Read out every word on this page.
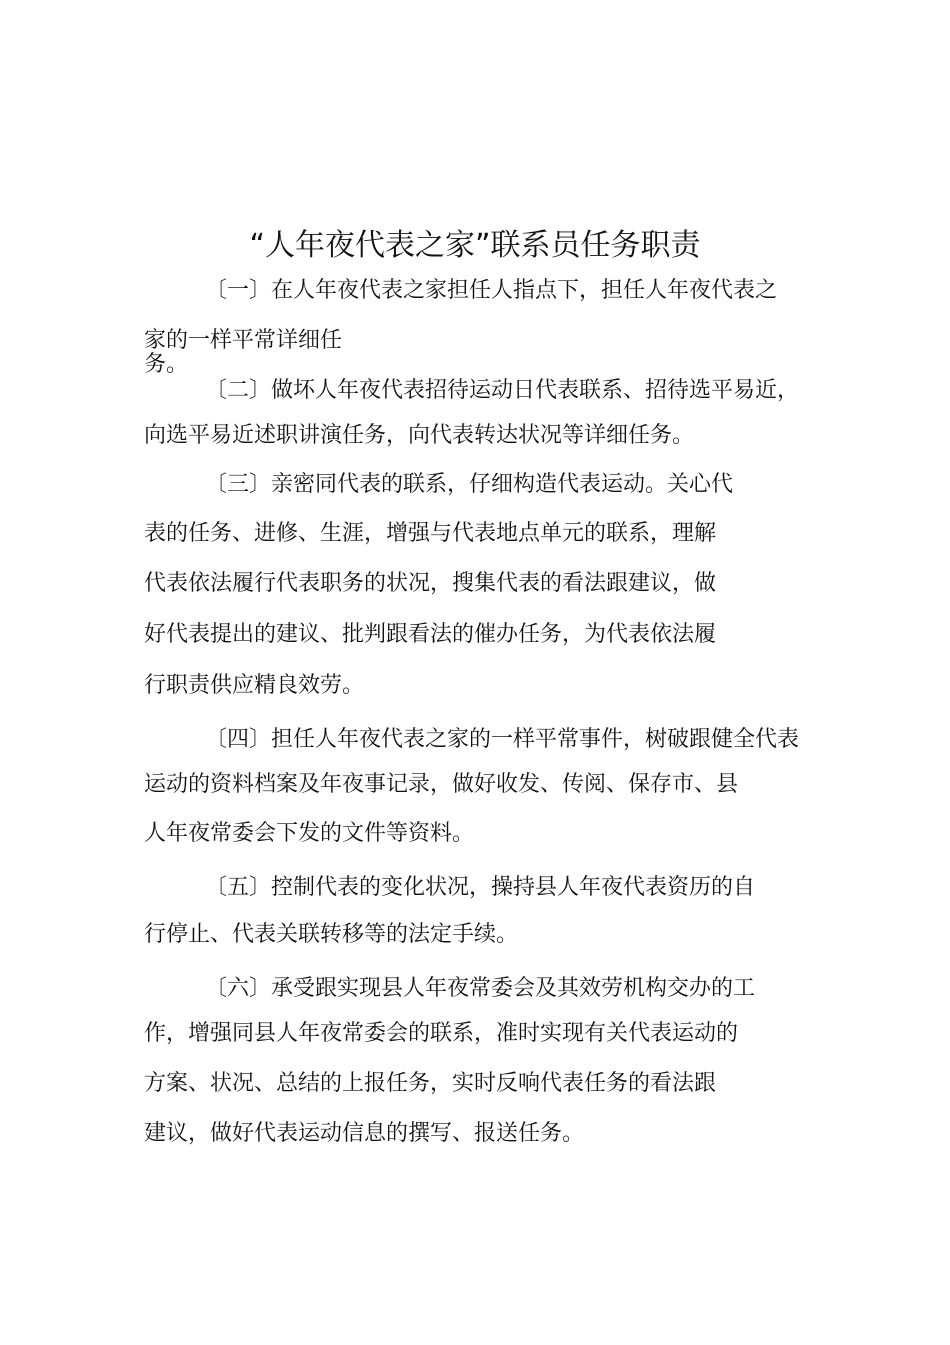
“人年夜代表之家”联系员任务职责
〔一〕在人年夜代表之家担任人指点下，担任人年夜代表之
家的一样平常详细任
务。
〔二〕做坏人年夜代表招待运动日代表联系、招待选平易近，
向选平易近述职讲演任务，向代表转达状况等详细任务。
〔三〕亲密同代表的联系，仔细构造代表运动。关心代
表的任务、进修、生涯，增强与代表地点单元的联系，理解
代表依法履行代表职务的状况，搜集代表的看法跟建议，做
好代表提出的建议、批判跟看法的催办任务，为代表依法履
行职责供应精良效劳。
〔四〕担任人年夜代表之家的一样平常事件，树破跟健全代表
运动的资料档案及年夜事记录，做好收发、传阅、保存市、县
人年夜常委会下发的文件等资料。
〔五〕控制代表的变化状况，操持县人年夜代表资历的自
行停止、代表关联转移等的法定手续。
〔六〕承受跟实现县人年夜常委会及其效劳机构交办的工
作，增强同县人年夜常委会的联系，准时实现有关代表运动的
方案、状况、总结的上报任务，实时反响代表任务的看法跟
建议，做好代表运动信息的撰写、报送任务。
